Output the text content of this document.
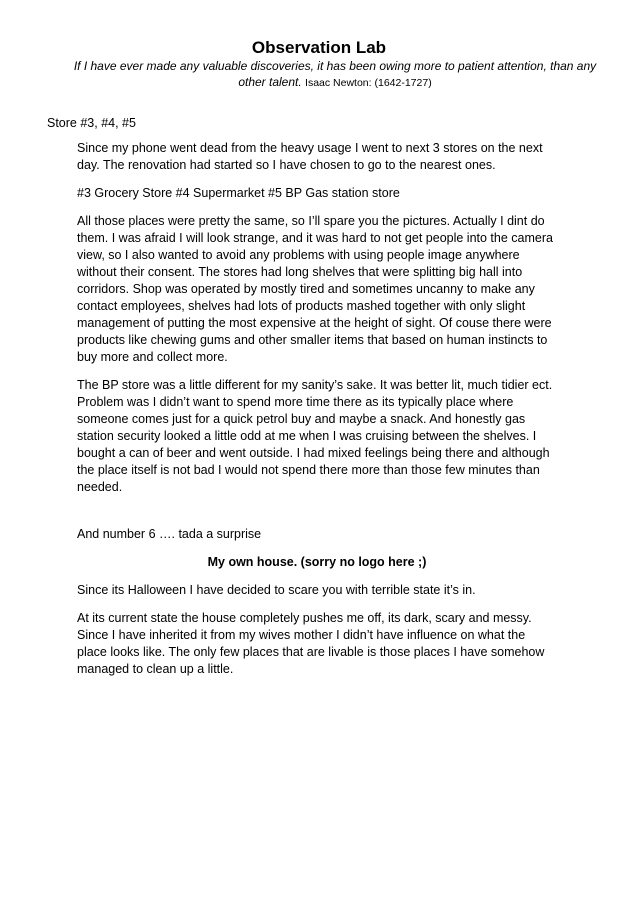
Observation Lab
If I have ever made any valuable discoveries, it has been owing more to patient attention, than any other talent. Isaac Newton: (1642-1727)
Store #3, #4, #5

Since my phone went dead from the heavy usage I went to next 3 stores on the next day. The renovation had started so I have chosen to go to the nearest ones.

#3 Grocery Store #4 Supermarket #5 BP Gas station store

All those places were pretty the same, so I’ll spare you the pictures. Actually I dint do them. I was afraid I will look strange, and it was hard to not get people into the camera view, so I also wanted to avoid any problems with using people image anywhere without their consent. The stores had long shelves that were splitting big hall into corridors. Shop was operated by mostly tired and sometimes uncanny to make any contact employees, shelves had lots of products mashed together with only slight management of putting the most expensive at the height of sight. Of couse there were products like chewing gums and other smaller items that based on human instincts to buy more and collect more.

The BP store was a little different for my sanity’s sake. It was better lit, much tidier ect. Problem was I didn’t want to spend more time there as its typically place where someone comes just for a quick petrol buy and maybe a snack. And honestly gas station security looked a little odd at me when I was cruising between the shelves. I bought a can of beer and went outside. I had mixed feelings being there and although the place itself is not bad I would not spend there more than those few minutes than needed.

And number 6 …. tada a surprise

My own house. (sorry no logo here ;)

Since its Halloween I have decided to scare you with terrible state it’s in.

At its current state the house completely pushes me off, its dark, scary and messy. Since I have inherited it from my wives mother I didn’t have influence on what the place looks like. The only few places that are livable is those places I have somehow managed to clean up a little.
